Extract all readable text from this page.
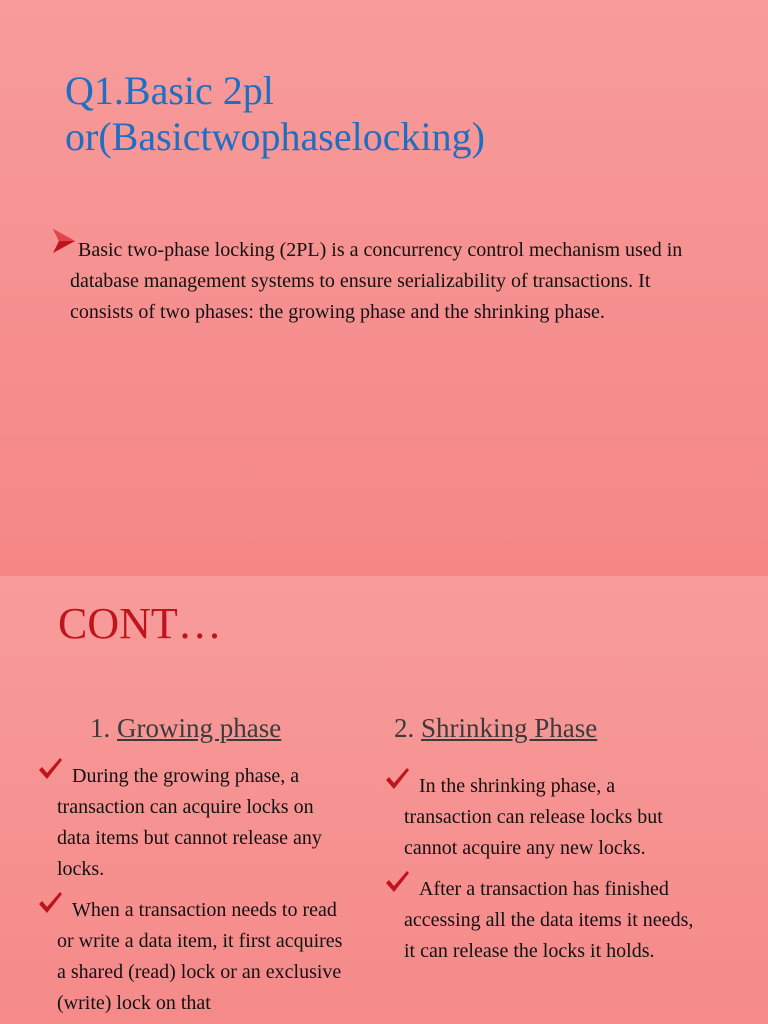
Q1.Basic 2pl
or(Basictwophaselocking)

Basic two-phase locking (2PL) is a concurrency control mechanism used in database management systems to ensure serializability of transactions. It consists of two phases: the growing phase and the shrinking phase.

CONT…
1. Growing phase	2. Shrinking Phase

During the growing phase, a transaction can acquire locks on data items but cannot release any locks.

When a transaction needs to read or write a data item, it first acquires a shared (read) lock or an exclusive (write) lock on that

In the shrinking phase, a transaction can release locks but cannot acquire any new locks.

After a transaction has finished accessing all the data items it needs, it can release the locks it holds.
